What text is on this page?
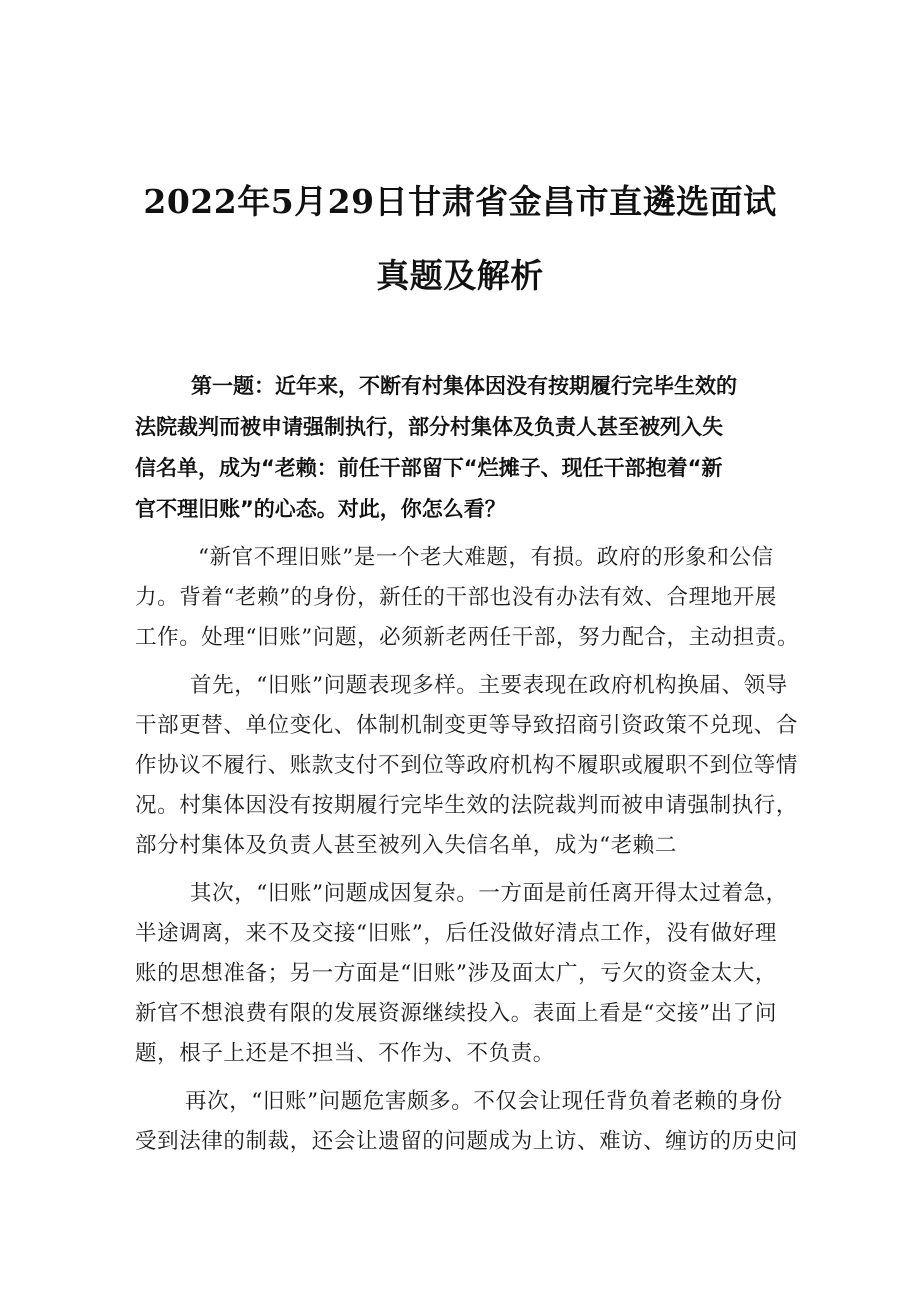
2022年5月29日甘肃省金昌市直遴选面试
真题及解析
第一题：近年来，不断有村集体因没有按期履行完毕生效的
法院裁判而被申请强制执行，部分村集体及负责人甚至被列入失
信名单，成为“老赖：前任干部留下“烂摊子、现任干部抱着“新
官不理旧账”的心态。对此，你怎么看？
“新官不理旧账”是一个老大难题，有损。政府的形象和公信
力。背着“老赖”的身份，新任的干部也没有办法有效、合理地开展
工作。处理“旧账”问题，必须新老两任干部，努力配合，主动担责。
首先，“旧账”问题表现多样。主要表现在政府机构换届、领导
干部更替、单位变化、体制机制变更等导致招商引资政策不兑现、合
作协议不履行、账款支付不到位等政府机构不履职或履职不到位等情
况。村集体因没有按期履行完毕生效的法院裁判而被申请强制执行，
部分村集体及负责人甚至被列入失信名单，成为“老赖二
其次，“旧账”问题成因复杂。一方面是前任离开得太过着急，
半途调离，来不及交接“旧账”，后任没做好清点工作，没有做好理
账的思想准备；另一方面是“旧账”涉及面太广，亏欠的资金太大，
新官不想浪费有限的发展资源继续投入。表面上看是“交接”出了问
题，根子上还是不担当、不作为、不负责。
再次，“旧账”问题危害颇多。不仅会让现任背负着老赖的身份
受到法律的制裁，还会让遗留的问题成为上访、难访、缠访的历史问
